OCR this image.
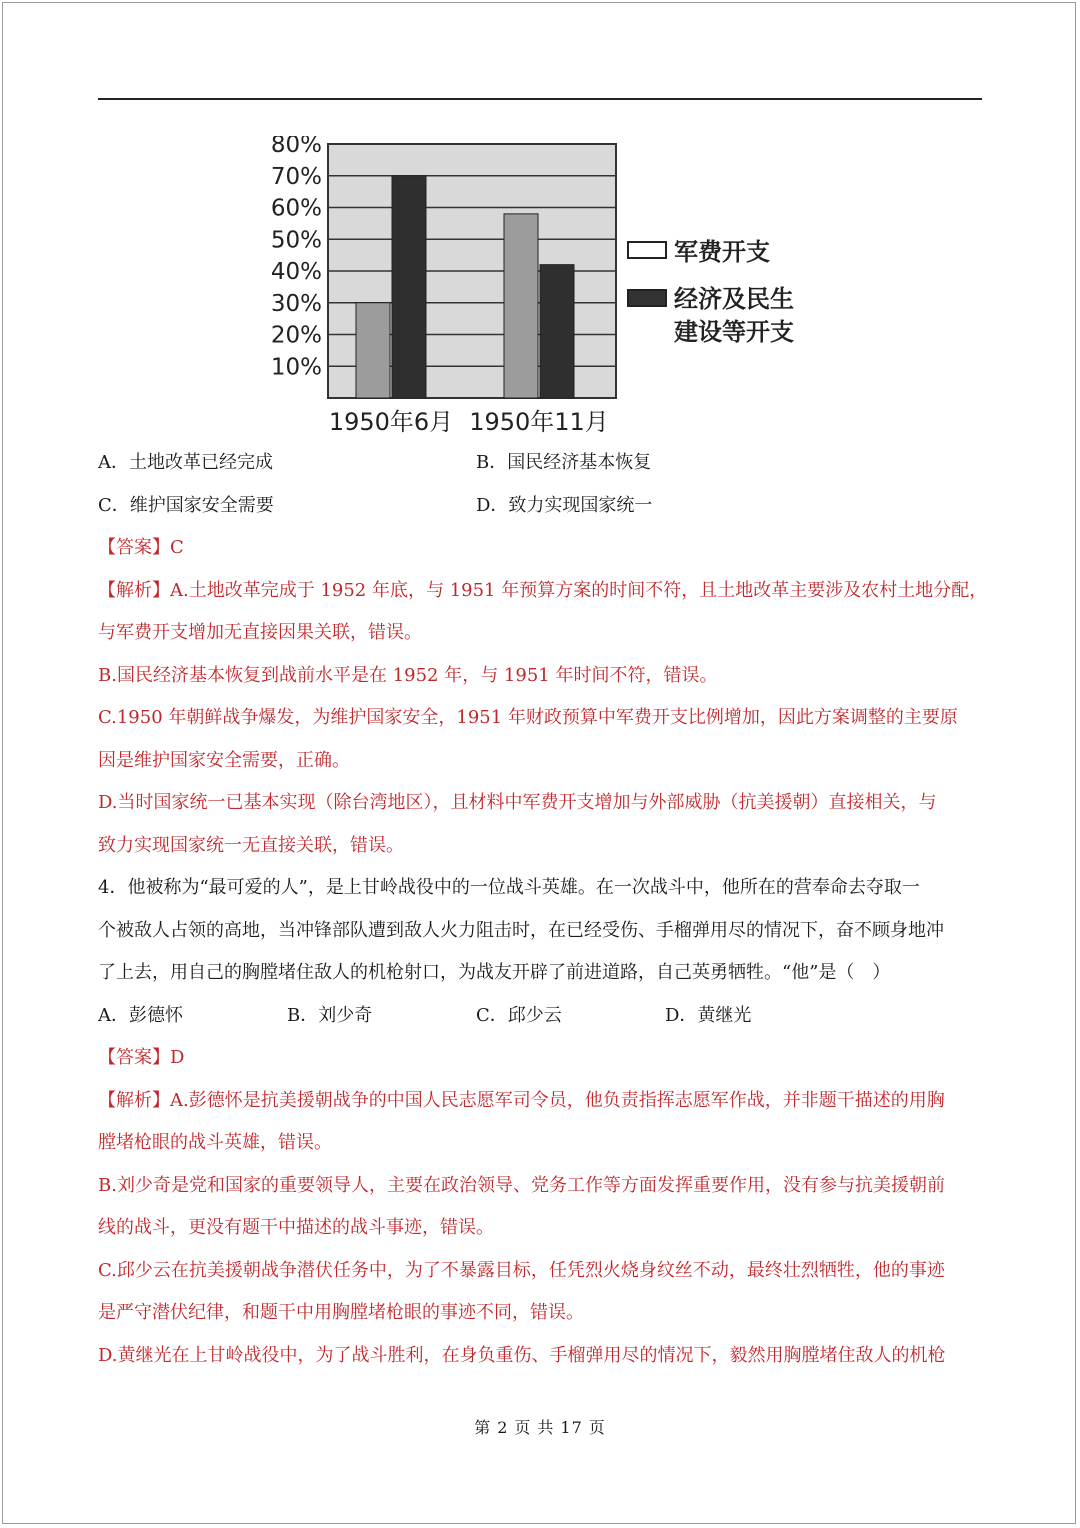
80%
70%
60%
50%
40%
30%
20%
10%
1950年6月 1950年11月
军费开支
经济及民生
建设等开支
A．土地改革已经完成	B．国民经济基本恢复
C．维护国家安全需要	D．致力实现国家统一
【答案】C
【解析】A.土地改革完成于 1952 年底，与 1951 年预算方案的时间不符，且土地改革主要涉及农村土地分配，
与军费开支增加无直接因果关联，错误。
B.国民经济基本恢复到战前水平是在 1952 年，与 1951 年时间不符，错误。
C.1950 年朝鲜战争爆发，为维护国家安全，1951 年财政预算中军费开支比例增加，因此方案调整的主要原
因是维护国家安全需要，正确。
D.当时国家统一已基本实现（除台湾地区），且材料中军费开支增加与外部威胁（抗美援朝）直接相关，与
致力实现国家统一无直接关联，错误。
4．他被称为“最可爱的人”，是上甘岭战役中的一位战斗英雄。在一次战斗中，他所在的营奉命去夺取一
个被敌人占领的高地，当冲锋部队遭到敌人火力阻击时，在已经受伤、手榴弹用尽的情况下，奋不顾身地冲
了上去，用自己的胸膛堵住敌人的机枪射口，为战友开辟了前进道路，自己英勇牺牲。“他”是（　）
A．彭德怀	B．刘少奇	C．邱少云	D．黄继光
【答案】D
【解析】A.彭德怀是抗美援朝战争的中国人民志愿军司令员，他负责指挥志愿军作战，并非题干描述的用胸
膛堵枪眼的战斗英雄，错误。
B.刘少奇是党和国家的重要领导人，主要在政治领导、党务工作等方面发挥重要作用，没有参与抗美援朝前
线的战斗，更没有题干中描述的战斗事迹，错误。
C.邱少云在抗美援朝战争潜伏任务中，为了不暴露目标，任凭烈火烧身纹丝不动，最终壮烈牺牲，他的事迹
是严守潜伏纪律，和题干中用胸膛堵枪眼的事迹不同，错误。
D.黄继光在上甘岭战役中，为了战斗胜利，在身负重伤、手榴弹用尽的情况下，毅然用胸膛堵住敌人的机枪
第 2 页 共 17 页
